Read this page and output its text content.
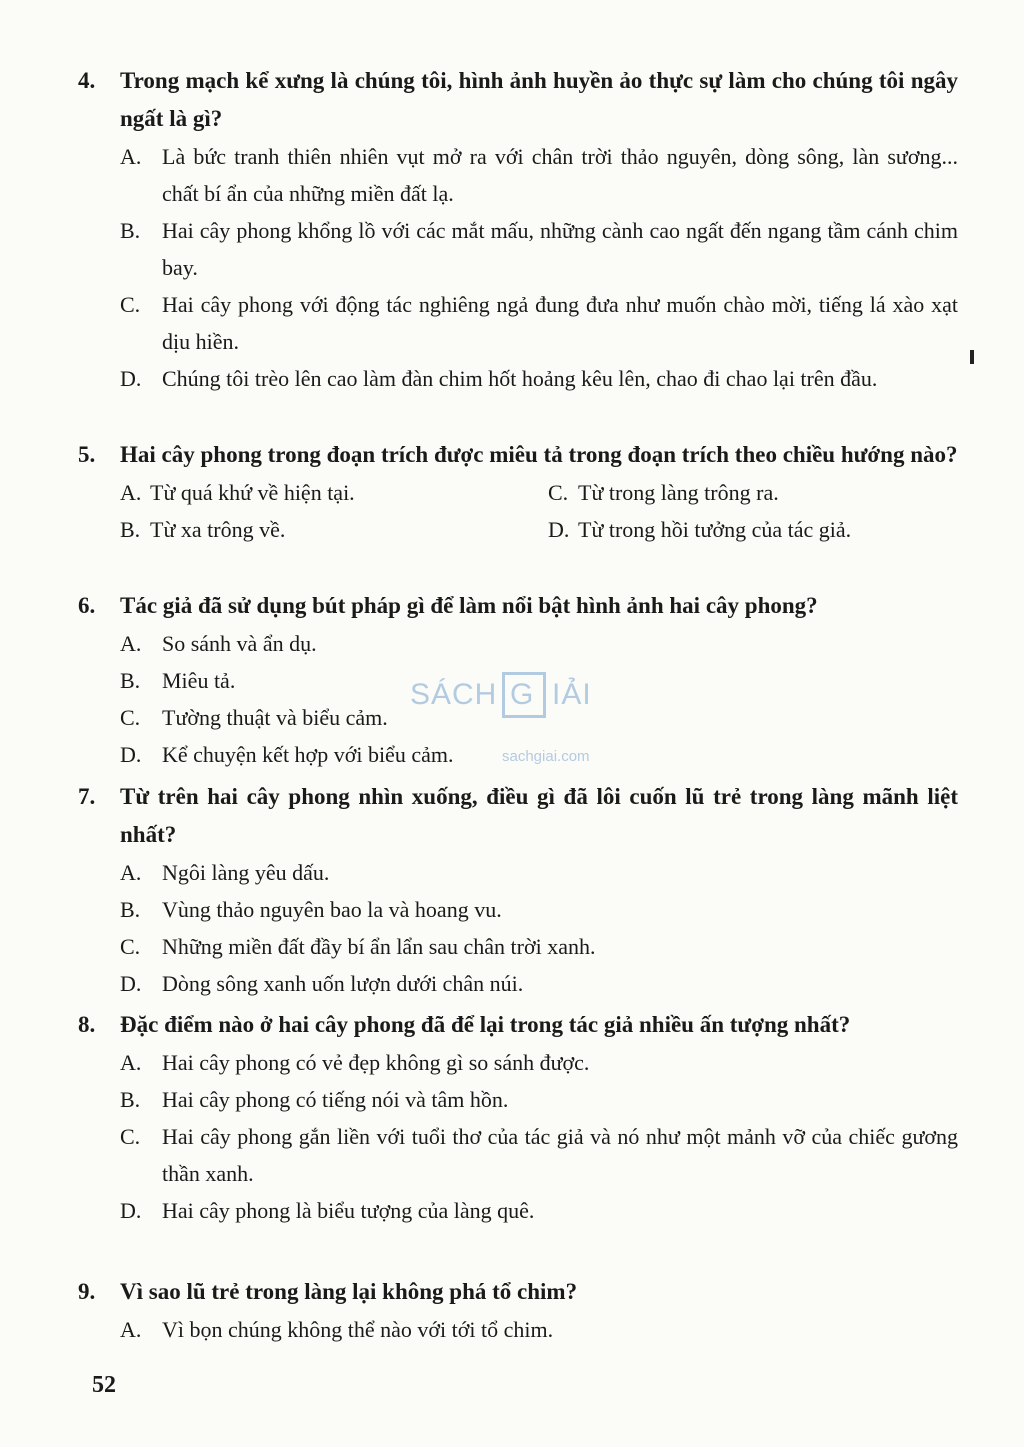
4. Trong mạch kể xưng là chúng tôi, hình ảnh huyền ảo thực sự làm cho chúng tôi ngây ngất là gì?
A. Là bức tranh thiên nhiên vụt mở ra với chân trời thảo nguyên, dòng sông, làn sương... chất bí ẩn của những miền đất lạ.
B. Hai cây phong khổng lồ với các mắt mấu, những cành cao ngất đến ngang tầm cánh chim bay.
C. Hai cây phong với động tác nghiêng ngả đung đưa như muốn chào mời, tiếng lá xào xạt dịu hiền.
D. Chúng tôi trèo lên cao làm đàn chim hốt hoảng kêu lên, chao đi chao lại trên đầu.
5. Hai cây phong trong đoạn trích được miêu tả trong đoạn trích theo chiều hướng nào?
A. Từ quá khứ về hiện tại.	C. Từ trong làng trông ra.
B. Từ xa trông về.	D. Từ trong hồi tưởng của tác giả.
6. Tác giả đã sử dụng bút pháp gì để làm nổi bật hình ảnh hai cây phong?
A. So sánh và ẩn dụ.
B. Miêu tả.
C. Tường thuật và biểu cảm.
D. Kể chuyện kết hợp với biểu cảm.
7. Từ trên hai cây phong nhìn xuống, điều gì đã lôi cuốn lũ trẻ trong làng mãnh liệt nhất?
A. Ngôi làng yêu dấu.
B. Vùng thảo nguyên bao la và hoang vu.
C. Những miền đất đầy bí ẩn lẩn sau chân trời xanh.
D. Dòng sông xanh uốn lượn dưới chân núi.
8. Đặc điểm nào ở hai cây phong đã để lại trong tác giả nhiều ấn tượng nhất?
A. Hai cây phong có vẻ đẹp không gì so sánh được.
B. Hai cây phong có tiếng nói và tâm hồn.
C. Hai cây phong gắn liền với tuổi thơ của tác giả và nó như một mảnh vỡ của chiếc gương thần xanh.
D. Hai cây phong là biểu tượng của làng quê.
9. Vì sao lũ trẻ trong làng lại không phá tổ chim?
A. Vì bọn chúng không thể nào với tới tổ chim.
SÁCH G IẢI
sachgiai.com
52
